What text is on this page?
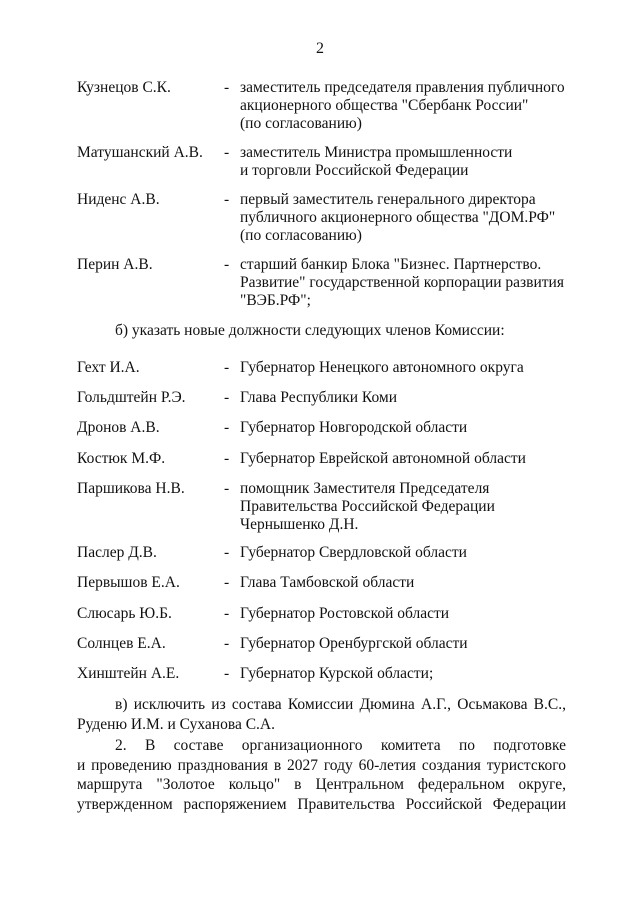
2
Кузнецов С.К.	- заместитель председателя правления публичного
акционерного общества "Сбербанк России"
(по согласованию)
Матушанский А.В. - заместитель Министра промышленности
и торговли Российской Федерации
Ниденс А.В.	- первый заместитель генерального директора
публичного акционерного общества "ДОМ.РФ"
(по согласованию)
Перин А.В.	- старший банкир Блока "Бизнес. Партнерство.
Развитие" государственной корпорации развития
"ВЭБ.РФ";
б) указать новые должности следующих членов Комиссии:
Гехт И.А.	- Губернатор Ненецкого автономного округа
Гольдштейн Р.Э. - Глава Республики Коми
Дронов А.В.	- Губернатор Новгородской области
Костюк М.Ф.	- Губернатор Еврейской автономной области
Паршикова Н.В.	- помощник Заместителя Председателя
Правительства Российской Федерации
Чернышенко Д.Н.
Паслер Д.В.	- Губернатор Свердловской области
Первышов Е.А.	- Глава Тамбовской области
Слюсарь Ю.Б.	- Губернатор Ростовской области
Солнцев Е.А.	- Губернатор Оренбургской области
Хинштейн А.Е.	- Губернатор Курской области;
в) исключить из состава Комиссии Дюмина А.Г., Осьмакова В.С.,
Руденю И.М. и Суханова С.А.
2. В составе организационного комитета по подготовке
и проведению празднования в 2027 году 60-летия создания туристского
маршрута "Золотое кольцо" в Центральном федеральном округе,
утвержденном распоряжением Правительства Российской Федерации
